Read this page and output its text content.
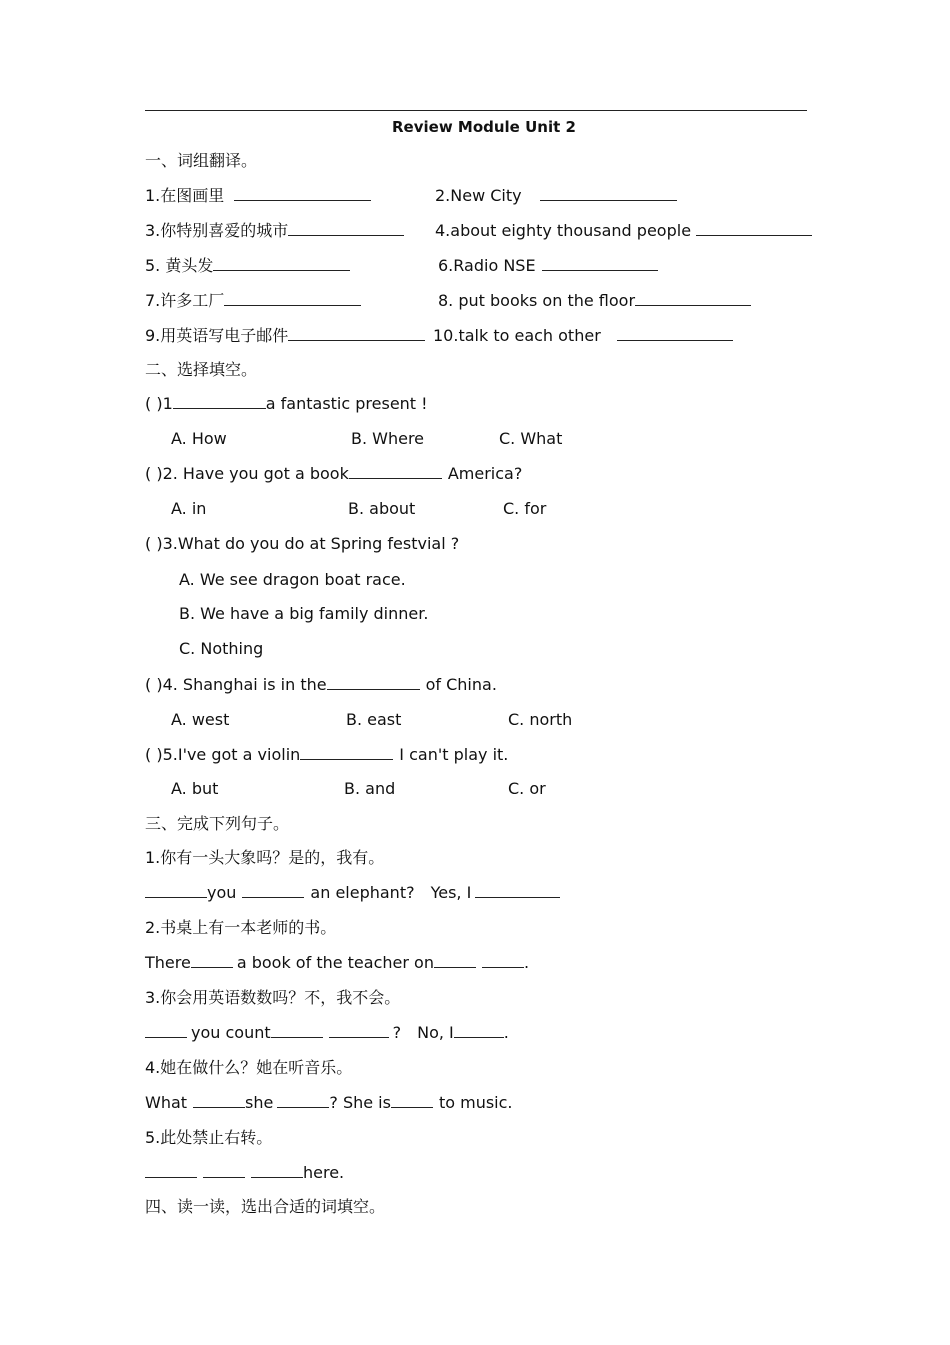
Review Module Unit 2
一、词组翻译。
1.在图画里	2.New City
3.你特别喜爱的城市	4.about eighty thousand people
5. 黄头发	6.Radio NSE
7.许多工厂	8. put books on the floor
9.用英语写电子邮件	10.talk to each other
二、选择填空。
( )1	a fantastic present !
A. How	B. Where	C. What
( )2. Have you got a book	America?
A. in	B. about	C. for
( )3.What do you do at Spring festvial ?
A. We see dragon boat race.
B. We have a big family dinner.
C. Nothing
( )4. Shanghai is in the	of China.
A. west	B. east	C. north
( )5.I've got a violin	I can't play it.
A. but	B. and	C. or
三、完成下列句子。
1.你有一头大象吗？是的，我有。
you	an elephant? Yes, I
2.书桌上有一本老师的书。
There	a book of the teacher on	.
3.你会用英语数数吗？不，我不会。
you count	? No, I	.
4.她在做什么？她在听音乐。
What	she	? She is	to music.
5.此处禁止右转。
here.
四、读一读，选出合适的词填空。
